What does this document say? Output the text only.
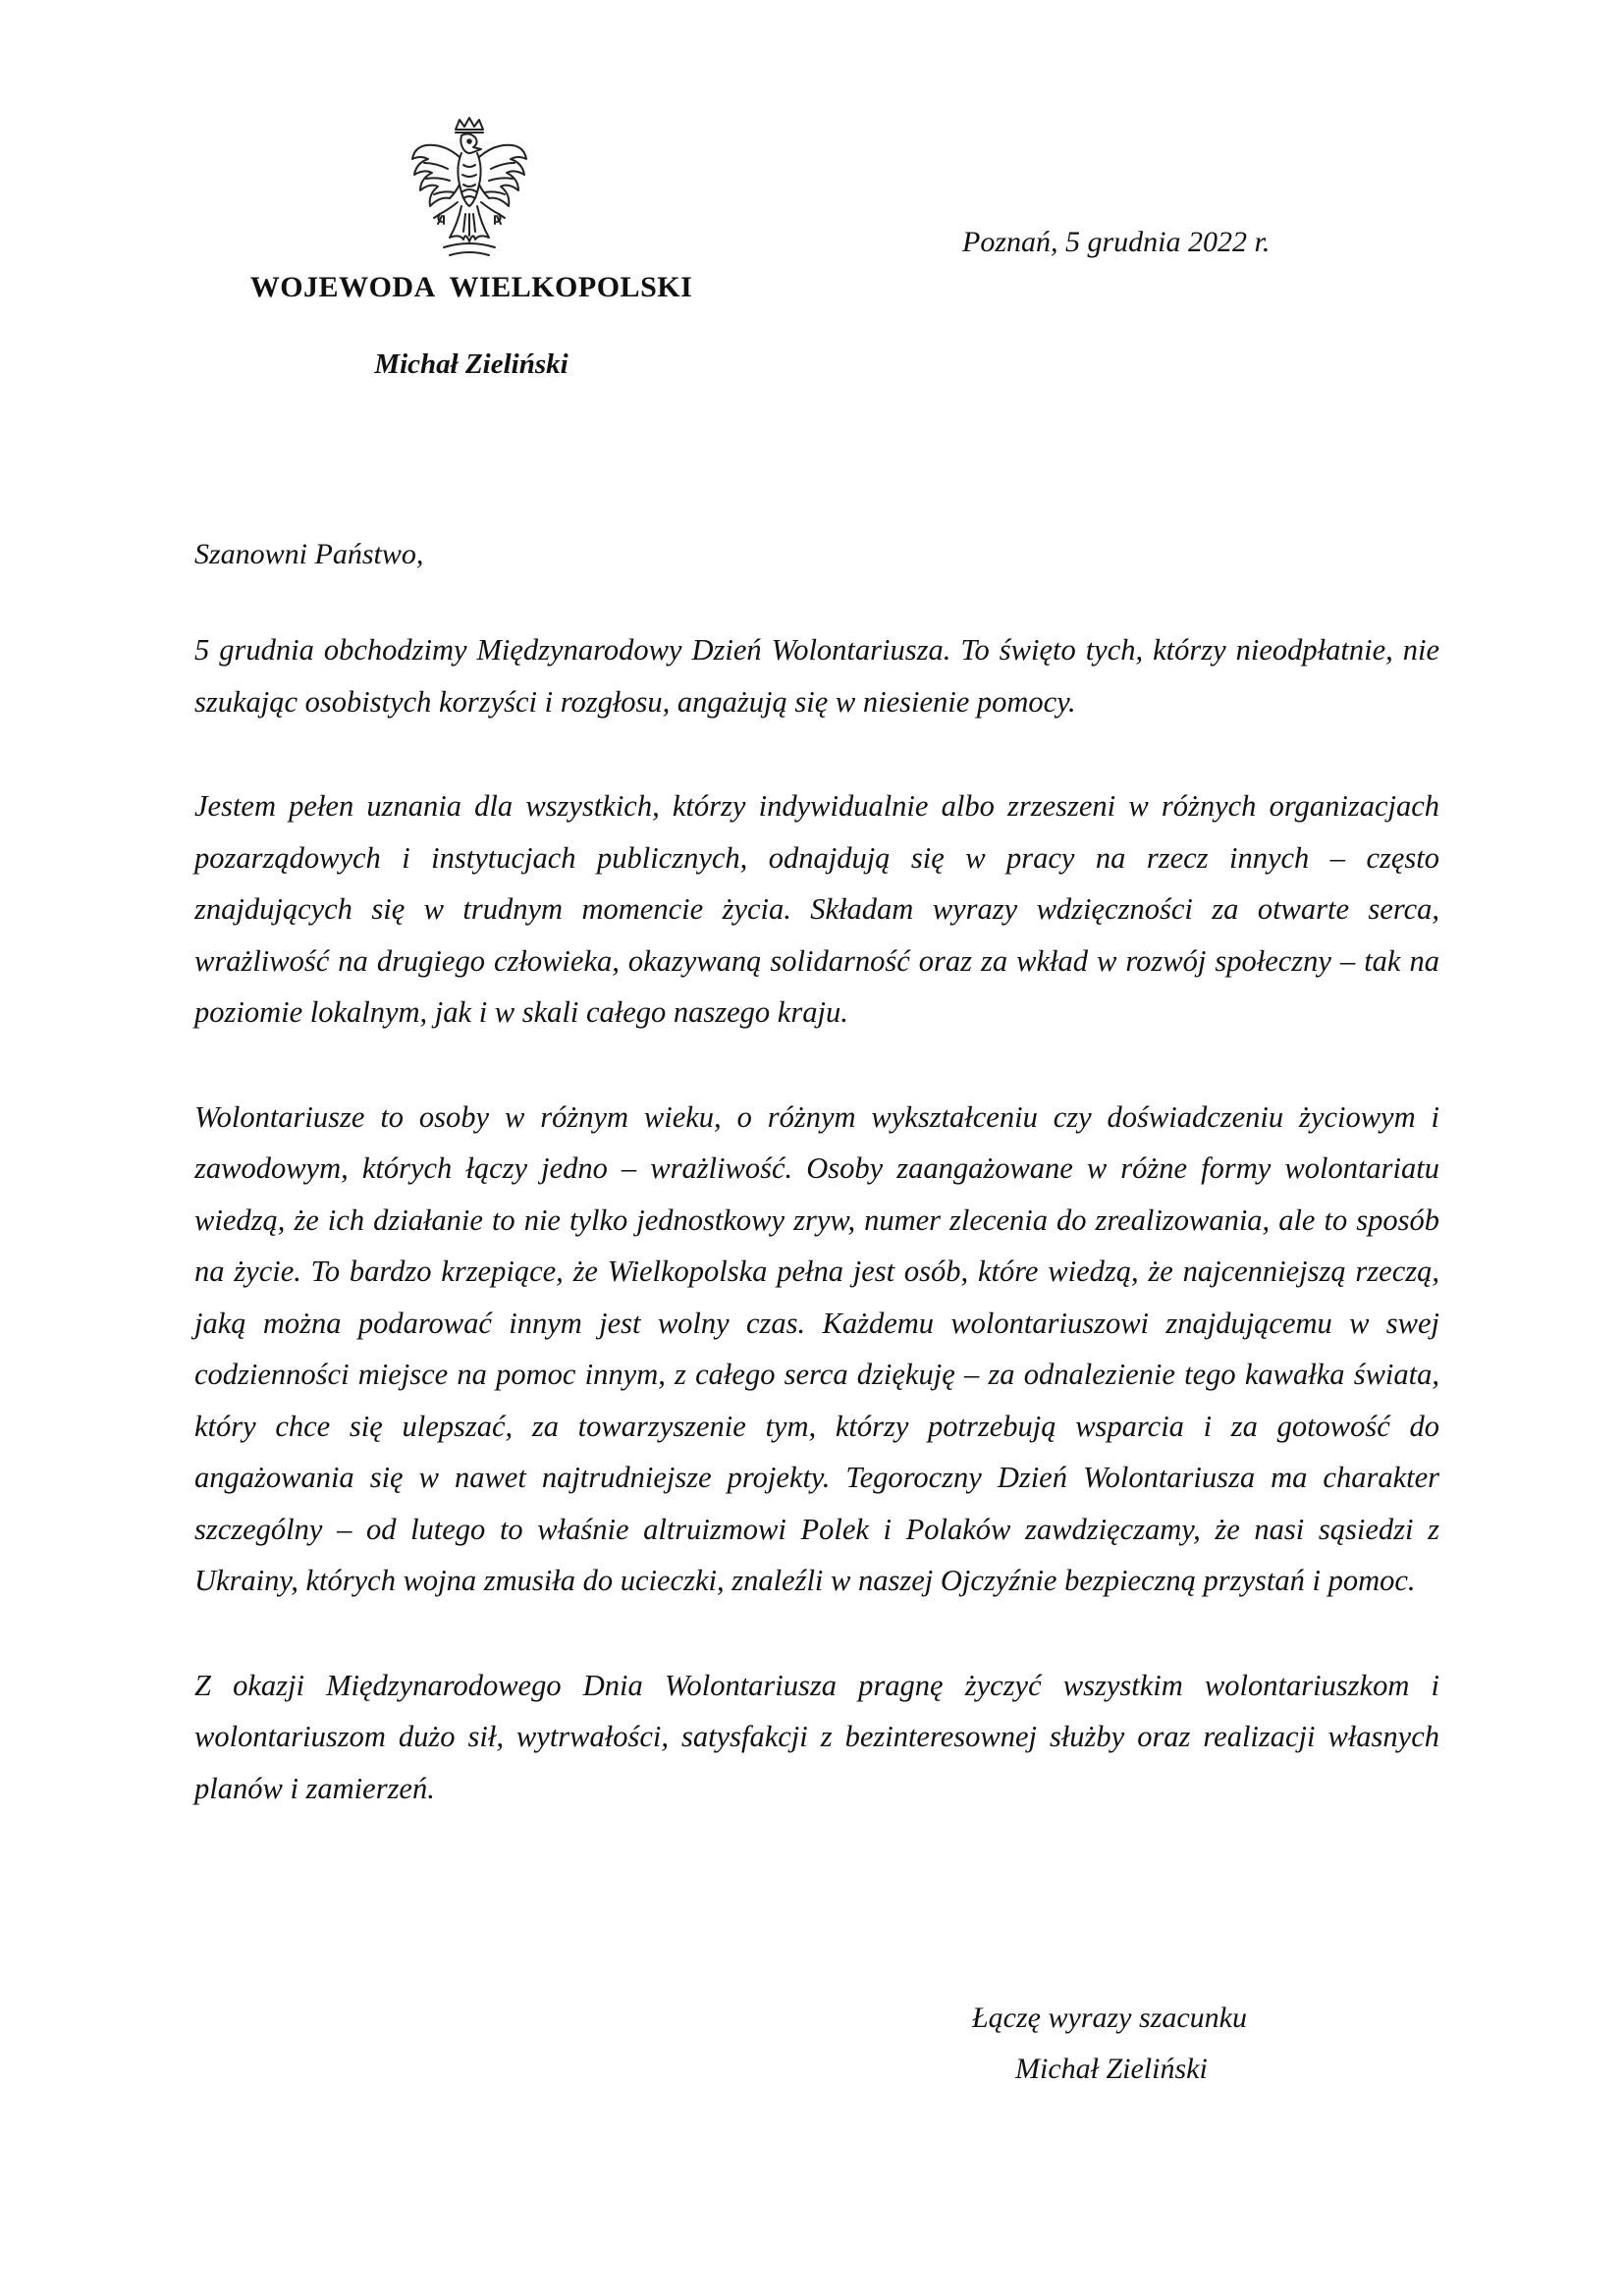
WOJEWODA WIELKOPOLSKI
Michał Zieliński
Poznań, 5 grudnia 2022 r.
Szanowni Państwo,

5 grudnia obchodzimy Międzynarodowy Dzień Wolontariusza. To święto tych, którzy nieodpłatnie, nie szukając osobistych korzyści i rozgłosu, angażują się w niesienie pomocy.

Jestem pełen uznania dla wszystkich, którzy indywidualnie albo zrzeszeni w różnych organizacjach pozarządowych i instytucjach publicznych, odnajdują się w pracy na rzecz innych – często znajdujących się w trudnym momencie życia. Składam wyrazy wdzięczności za otwarte serca, wrażliwość na drugiego człowieka, okazywaną solidarność oraz za wkład w rozwój społeczny – tak na poziomie lokalnym, jak i w skali całego naszego kraju.

Wolontariusze to osoby w różnym wieku, o różnym wykształceniu czy doświadczeniu życiowym i zawodowym, których łączy jedno – wrażliwość. Osoby zaangażowane w różne formy wolontariatu wiedzą, że ich działanie to nie tylko jednostkowy zryw, numer zlecenia do zrealizowania, ale to sposób na życie. To bardzo krzepiące, że Wielkopolska pełna jest osób, które wiedzą, że najcenniejszą rzeczą, jaką można podarować innym jest wolny czas. Każdemu wolontariuszowi znajdującemu w swej codzienności miejsce na pomoc innym, z całego serca dziękuję – za odnalezienie tego kawałka świata, który chce się ulepszać, za towarzyszenie tym, którzy potrzebują wsparcia i za gotowość do angażowania się w nawet najtrudniejsze projekty. Tegoroczny Dzień Wolontariusza ma charakter szczególny – od lutego to właśnie altruizmowi Polek i Polaków zawdzięczamy, że nasi sąsiedzi z Ukrainy, których wojna zmusiła do ucieczki, znaleźli w naszej Ojczyźnie bezpieczną przystań i pomoc.

Z okazji Międzynarodowego Dnia Wolontariusza pragnę życzyć wszystkim wolontariuszkom i wolontariuszom dużo sił, wytrwałości, satysfakcji z bezinteresownej służby oraz realizacji własnych planów i zamierzeń.

Łączę wyrazy szacunku
Michał Zieliński
